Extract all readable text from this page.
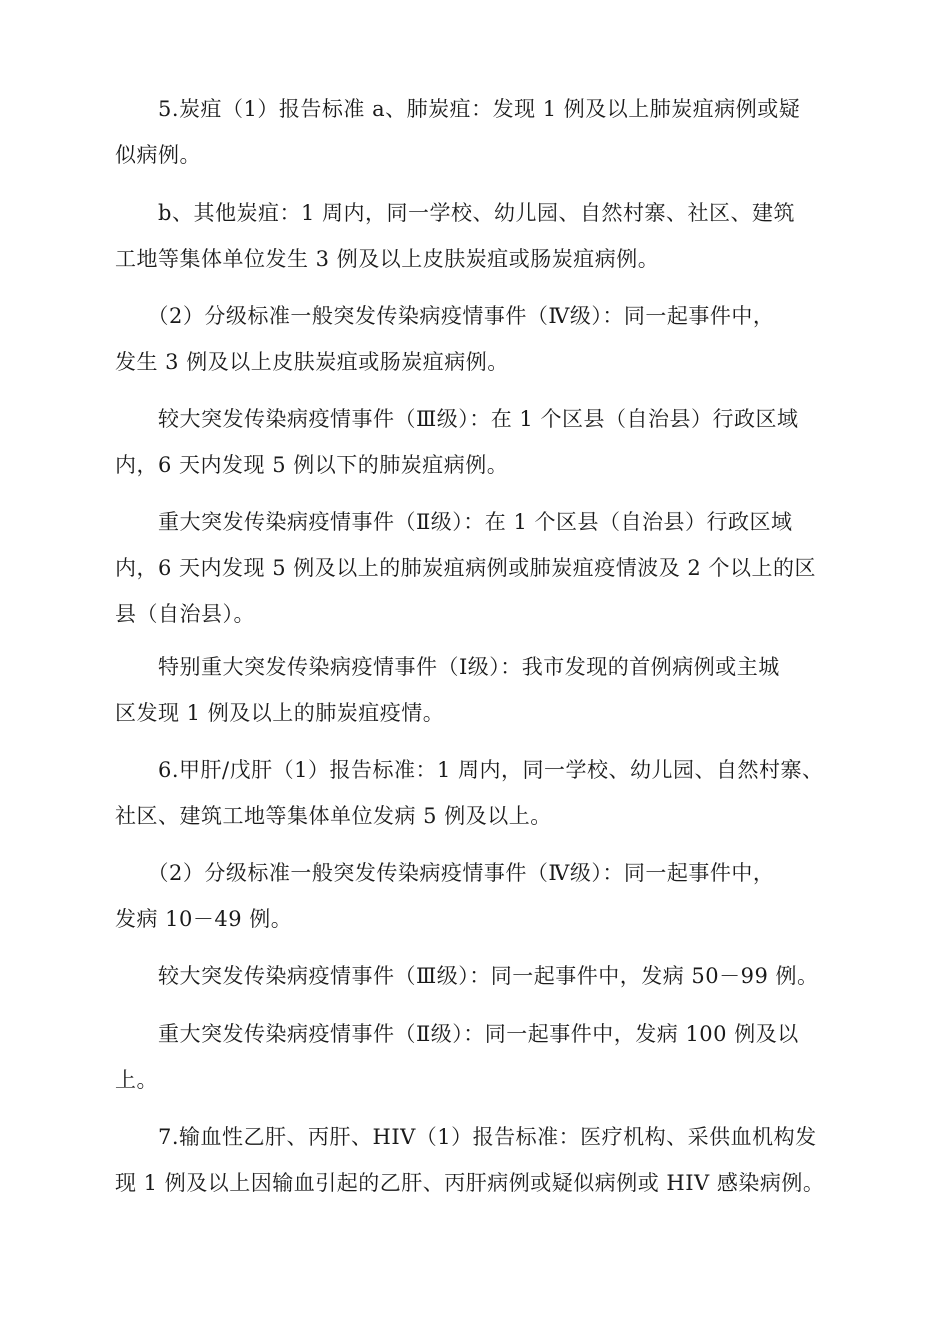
　　5.炭疽（1）报告标准 a、肺炭疽：发现 1 例及以上肺炭疽病例或疑
似病例。

　　b、其他炭疽：1 周内，同一学校、幼儿园、自然村寨、社区、建筑
工地等集体单位发生 3 例及以上皮肤炭疽或肠炭疽病例。

　　（2）分级标准一般突发传染病疫情事件（Ⅳ级）：同一起事件中，
发生 3 例及以上皮肤炭疽或肠炭疽病例。

　　较大突发传染病疫情事件（Ⅲ级）：在 1 个区县（自治县）行政区域
内，6 天内发现 5 例以下的肺炭疽病例。

　　重大突发传染病疫情事件（Ⅱ级）：在 1 个区县（自治县）行政区域
内，6 天内发现 5 例及以上的肺炭疽病例或肺炭疽疫情波及 2 个以上的区
县（自治县）。

　　特别重大突发传染病疫情事件（Ⅰ级）：我市发现的首例病例或主城
区发现 1 例及以上的肺炭疽疫情。

　　6.甲肝/戊肝（1）报告标准：1 周内，同一学校、幼儿园、自然村寨、
社区、建筑工地等集体单位发病 5 例及以上。

　　（2）分级标准一般突发传染病疫情事件（Ⅳ级）：同一起事件中，
发病 10－49 例。

　　较大突发传染病疫情事件（Ⅲ级）：同一起事件中，发病 50－99 例。

　　重大突发传染病疫情事件（Ⅱ级）：同一起事件中，发病 100 例及以
上。

　　7.输血性乙肝、丙肝、HIV（1）报告标准：医疗机构、采供血机构发
现 1 例及以上因输血引起的乙肝、丙肝病例或疑似病例或 HIV 感染病例。
